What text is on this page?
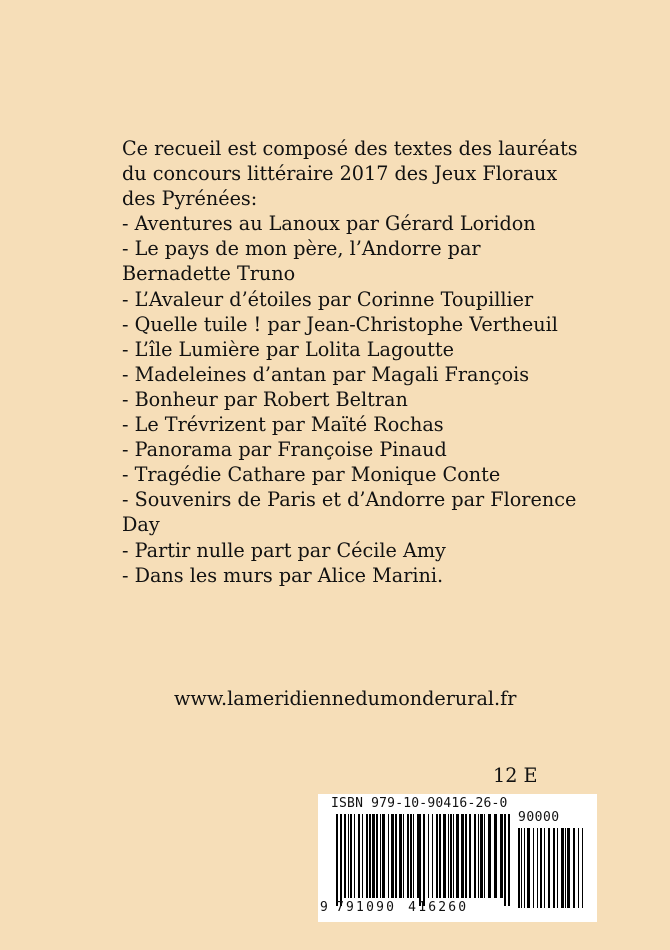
Ce recueil est composé des textes des lauréats
du concours littéraire 2017 des Jeux Floraux
des Pyrénées:
- Aventures au Lanoux par Gérard Loridon
- Le pays de mon père, l’Andorre par
Bernadette Truno
- L’Avaleur d’étoiles par Corinne Toupillier
- Quelle tuile ! par Jean-Christophe Vertheuil
- L’île Lumière par Lolita Lagoutte
- Madeleines d’antan par Magali François
- Bonheur par Robert Beltran
- Le Trévrizent par Maïté Rochas
- Panorama par Françoise Pinaud
- Tragédie Cathare par Monique Conte
- Souvenirs de Paris et d’Andorre par Florence
Day
- Partir nulle part par Cécile Amy
- Dans les murs par Alice Marini.
www.lameridiennedumonderural.fr
12 E
ISBN 979-10-90416-26-0
90000
9 791090 416260
